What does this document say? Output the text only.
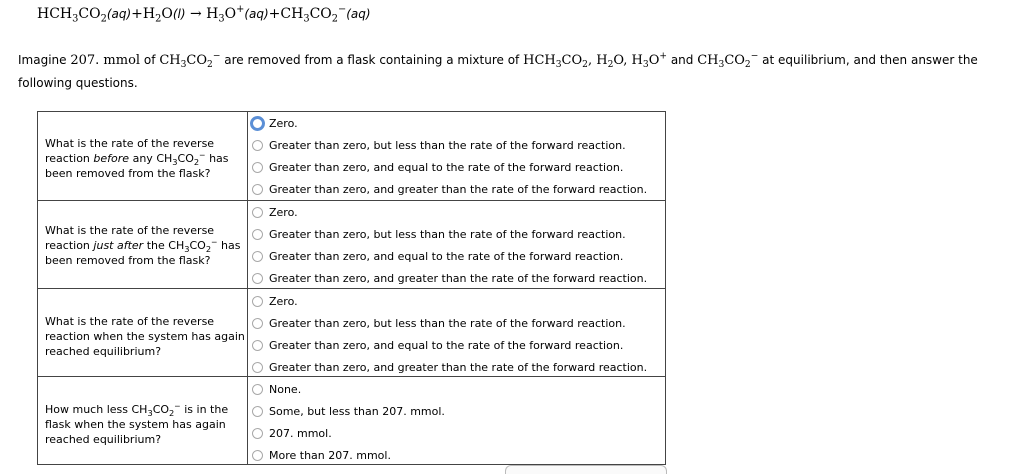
$HCH_3CO_2(aq)+H_2O(l) \to H_3O^+(aq)+CH_3CO_2^-(aq)$
Imagine 207. mmol of $CH_3CO_2^-$ are removed from a flask containing a mixture of $HCH_3CO_2$, $H_2O$, $H_3O^+$ and $CH_3CO_2^-$ at equilibrium, and then answer the following questions.
What is the rate of the reverse reaction before any $CH_3CO_2^-$ has been removed from the flask?
Zero.
Greater than zero, but less than the rate of the forward reaction.
Greater than zero, and equal to the rate of the forward reaction.
Greater than zero, and greater than the rate of the forward reaction.
What is the rate of the reverse reaction just after the $CH_3CO_2^-$ has been removed from the flask?
Zero.
Greater than zero, but less than the rate of the forward reaction.
Greater than zero, and equal to the rate of the forward reaction.
Greater than zero, and greater than the rate of the forward reaction.
What is the rate of the reverse reaction when the system has again reached equilibrium?
Zero.
Greater than zero, but less than the rate of the forward reaction.
Greater than zero, and equal to the rate of the forward reaction.
Greater than zero, and greater than the rate of the forward reaction.
How much less $CH_3CO_2^-$ is in the flask when the system has again reached equilibrium?
None.
Some, but less than 207. mmol.
207. mmol.
More than 207. mmol.
